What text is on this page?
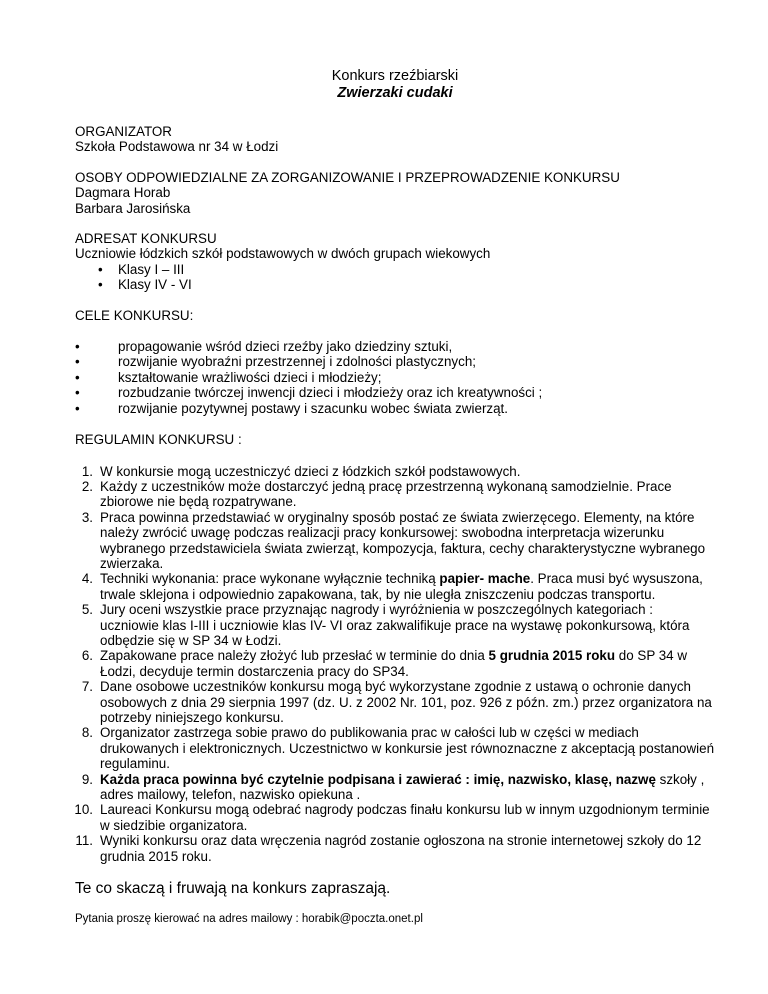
Konkurs rzeźbiarski
Zwierzaki cudaki
ORGANIZATOR
Szkoła Podstawowa nr 34 w Łodzi
OSOBY ODPOWIEDZIALNE ZA ZORGANIZOWANIE I PRZEPROWADZENIE KONKURSU
Dagmara Horab
Barbara Jarosińska
ADRESAT KONKURSU
Uczniowie łódzkich szkół podstawowych w dwóch grupach wiekowych
• Klasy I – III
• Klasy IV - VI
CELE KONKURSU:
• propagowanie wśród dzieci rzeźby jako dziedziny sztuki,
• rozwijanie wyobraźni przestrzennej i zdolności plastycznych;
• kształtowanie wrażliwości dzieci i młodzieży;
• rozbudzanie twórczej inwencji dzieci i młodzieży oraz ich kreatywności ;
• rozwijanie pozytywnej postawy i szacunku wobec świata zwierząt.
REGULAMIN KONKURSU :
1. W konkursie mogą uczestniczyć dzieci z łódzkich szkół podstawowych.
2. Każdy z uczestników może dostarczyć jedną pracę przestrzenną wykonaną samodzielnie. Prace zbiorowe nie będą rozpatrywane.
3. Praca powinna przedstawiać w oryginalny sposób postać ze świata zwierzęcego. Elementy, na które należy zwrócić uwagę podczas realizacji pracy konkursowej: swobodna interpretacja wizerunku wybranego przedstawiciela świata zwierząt, kompozycja, faktura, cechy charakterystyczne wybranego zwierzaka.
4. Techniki wykonania: prace wykonane wyłącznie techniką papier- mache. Praca musi być wysuszona, trwale sklejona i odpowiednio zapakowana, tak, by nie uległa zniszczeniu podczas transportu.
5. Jury oceni wszystkie prace przyznając nagrody i wyróżnienia w poszczególnych kategoriach : uczniowie klas I-III i uczniowie klas IV- VI oraz zakwalifikuje prace na wystawę pokonkursową, która odbędzie się w SP 34 w Łodzi.
6. Zapakowane prace należy złożyć lub przesłać w terminie do dnia 5 grudnia 2015 roku do SP 34 w Łodzi, decyduje termin dostarczenia pracy do SP34.
7. Dane osobowe uczestników konkursu mogą być wykorzystane zgodnie z ustawą o ochronie danych osobowych z dnia 29 sierpnia 1997 (dz. U. z 2002 Nr. 101, poz. 926 z późn. zm.) przez organizatora na potrzeby niniejszego konkursu.
8. Organizator zastrzega sobie prawo do publikowania prac w całości lub w części w mediach drukowanych i elektronicznych. Uczestnictwo w konkursie jest równoznaczne z akceptacją postanowień regulaminu.
9. Każda praca powinna być czytelnie podpisana i zawierać : imię, nazwisko, klasę, nazwę szkoły , adres mailowy, telefon, nazwisko opiekuna .
10. Laureaci Konkursu mogą odebrać nagrody podczas finału konkursu lub w innym uzgodnionym terminie w siedzibie organizatora.
11. Wyniki konkursu oraz data wręczenia nagród zostanie ogłoszona na stronie internetowej szkoły do 12 grudnia 2015 roku.
Te co skaczą i fruwają na konkurs zapraszają.
Pytania proszę kierować na adres mailowy : horabik@poczta.onet.pl
